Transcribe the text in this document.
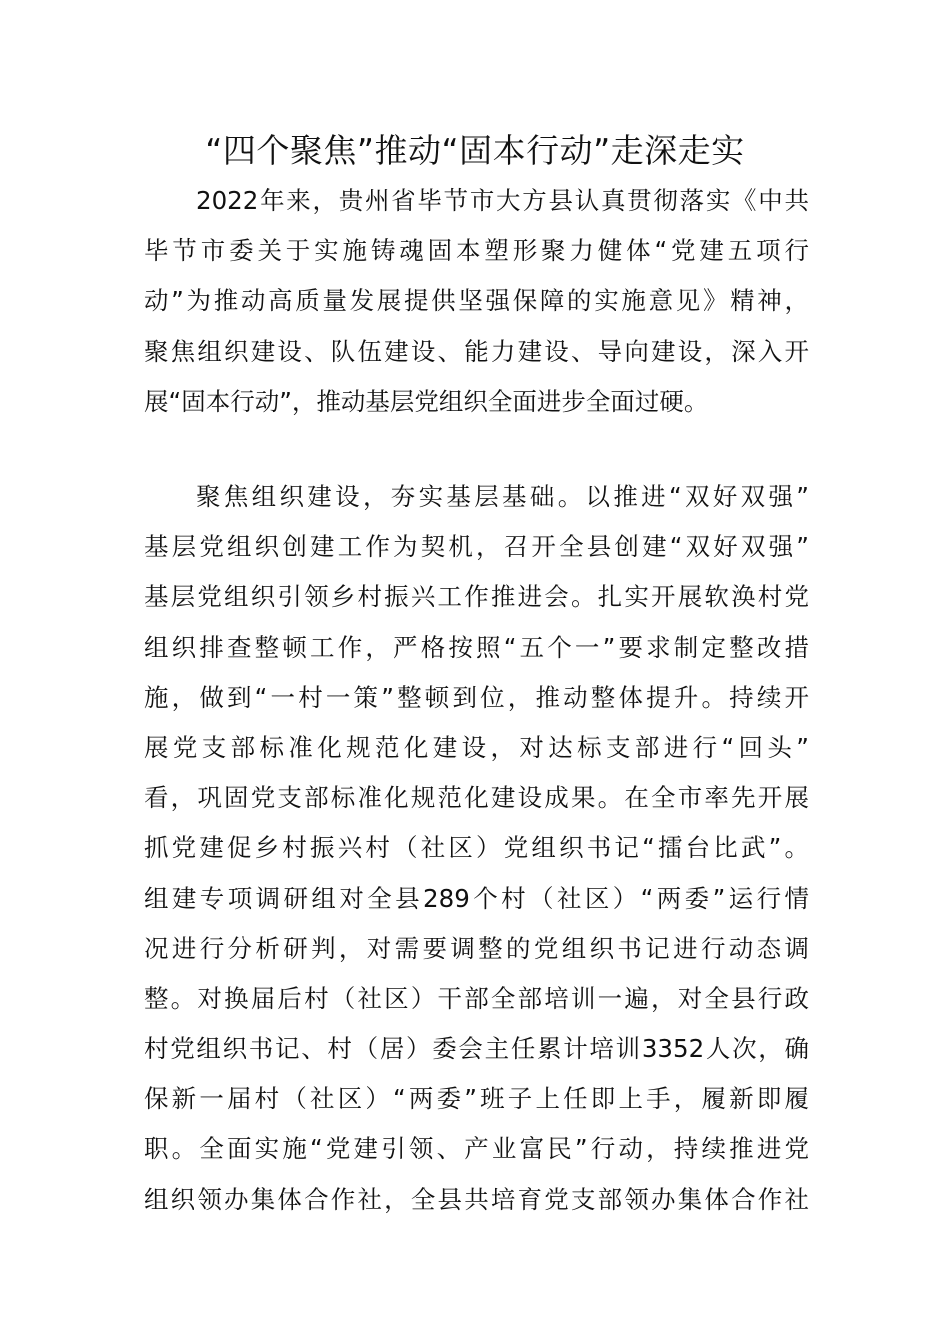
“四个聚焦”推动“固本行动”走深走实
2022年来，贵州省毕节市大方县认真贯彻落实《中共
毕节市委关于实施铸魂固本塑形聚力健体“党建五项行
动”为推动高质量发展提供坚强保障的实施意见》精神，
聚焦组织建设、队伍建设、能力建设、导向建设，深入开
展“固本行动”，推动基层党组织全面进步全面过硬。
聚焦组织建设，夯实基层基础。以推进“双好双强”
基层党组织创建工作为契机，召开全县创建“双好双强”
基层党组织引领乡村振兴工作推进会。扎实开展软涣村党
组织排查整顿工作，严格按照“五个一”要求制定整改措
施，做到“一村一策”整顿到位，推动整体提升。持续开
展党支部标准化规范化建设，对达标支部进行“回头”
看，巩固党支部标准化规范化建设成果。在全市率先开展
抓党建促乡村振兴村（社区）党组织书记“擂台比武”。
组建专项调研组对全县289个村（社区）“两委”运行情
况进行分析研判，对需要调整的党组织书记进行动态调
整。对换届后村（社区）干部全部培训一遍，对全县行政
村党组织书记、村（居）委会主任累计培训3352人次，确
保新一届村（社区）“两委”班子上任即上手，履新即履
职。全面实施“党建引领、产业富民”行动，持续推进党
组织领办集体合作社，全县共培育党支部领办集体合作社
